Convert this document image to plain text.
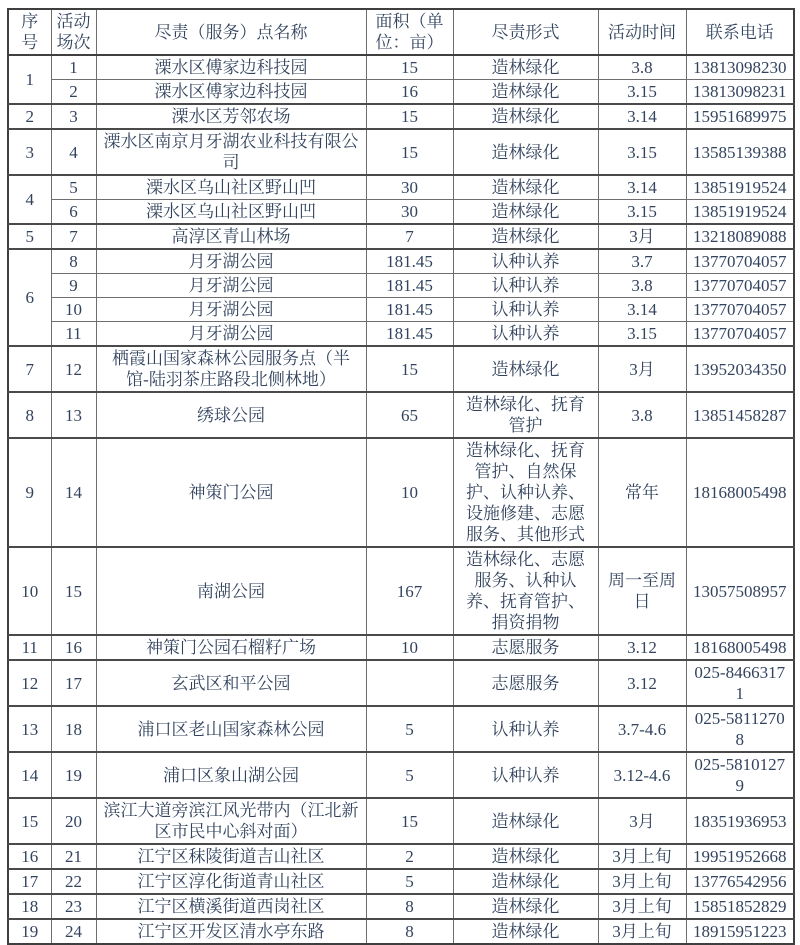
序号	活动场次	尽责（服务）点名称	面积（单位：亩）	尽责形式	活动时间	联系电话
1	1	溧水区傅家边科技园	15	造林绿化	3.8	13813098230
	2	溧水区傅家边科技园	16	造林绿化	3.15	13813098231
2	3	溧水区芳邻农场	15	造林绿化	3.14	15951689975
3	4	溧水区南京月牙湖农业科技有限公司	15	造林绿化	3.15	13585139388
4	5	溧水区乌山社区野山凹	30	造林绿化	3.14	13851919524
	6	溧水区乌山社区野山凹	30	造林绿化	3.15	13851919524
5	7	高淳区青山林场	7	造林绿化	3月	13218089088
6	8	月牙湖公园	181.45	认种认养	3.7	13770704057
	9	月牙湖公园	181.45	认种认养	3.8	13770704057
	10	月牙湖公园	181.45	认种认养	3.14	13770704057
	11	月牙湖公园	181.45	认种认养	3.15	13770704057
7	12	栖霞山国家森林公园服务点（半馆-陆羽茶庄路段北侧林地）	15	造林绿化	3月	13952034350
8	13	绣球公园	65	造林绿化、抚育管护	3.8	13851458287
9	14	神策门公园	10	造林绿化、抚育管护、自然保护、认种认养、设施修建、志愿服务、其他形式	常年	18168005498
10	15	南湖公园	167	造林绿化、志愿服务、认种认养、抚育管护、捐资捐物	周一至周日	13057508957
11	16	神策门公园石榴籽广场	10	志愿服务	3.12	18168005498
12	17	玄武区和平公园		志愿服务	3.12	025-84663171
13	18	浦口区老山国家森林公园	5	认种认养	3.7-4.6	025-58112708
14	19	浦口区象山湖公园	5	认种认养	3.12-4.6	025-58101279
15	20	滨江大道旁滨江风光带内（江北新区市民中心斜对面）	15	造林绿化	3月	18351936953
16	21	江宁区秣陵街道吉山社区	2	造林绿化	3月上旬	19951952668
17	22	江宁区淳化街道青山社区	5	造林绿化	3月上旬	13776542956
18	23	江宁区横溪街道西岗社区	8	造林绿化	3月上旬	15851852829
19	24	江宁区开发区清水亭东路	8	造林绿化	3月上旬	18915951223
